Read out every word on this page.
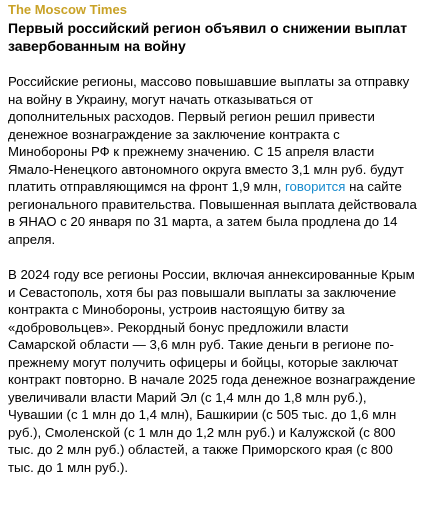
The Moscow Times
Первый российский регион объявил о снижении выплат завербованным на войну

Российские регионы, массово повышавшие выплаты за отправку на войну в Украину, могут начать отказываться от дополнительных расходов. Первый регион решил привести денежное вознаграждение за заключение контракта с Минобороны РФ к прежнему значению. С 15 апреля власти Ямало-Ненецкого автономного округа вместо 3,1 млн руб. будут платить отправляющимся на фронт 1,9 млн, говорится на сайте регионального правительства. Повышенная выплата действовала в ЯНАО с 20 января по 31 марта, а затем была продлена до 14 апреля.

В 2024 году все регионы России, включая аннексированные Крым и Севастополь, хотя бы раз повышали выплаты за заключение контракта с Минобороны, устроив настоящую битву за «добровольцев». Рекордный бонус предложили власти Самарской области — 3,6 млн руб. Такие деньги в регионе по-прежнему могут получить офицеры и бойцы, которые заключат контракт повторно. В начале 2025 года денежное вознаграждение увеличивали власти Марий Эл (с 1,4 млн до 1,8 млн руб.), Чувашии (с 1 млн до 1,4 млн), Башкирии (с 505 тыс. до 1,6 млн руб.), Смоленской (с 1 млн до 1,2 млн руб.) и Калужской (с 800 тыс. до 2 млн руб.) областей, а также Приморского края (с 800 тыс. до 1 млн руб.).
